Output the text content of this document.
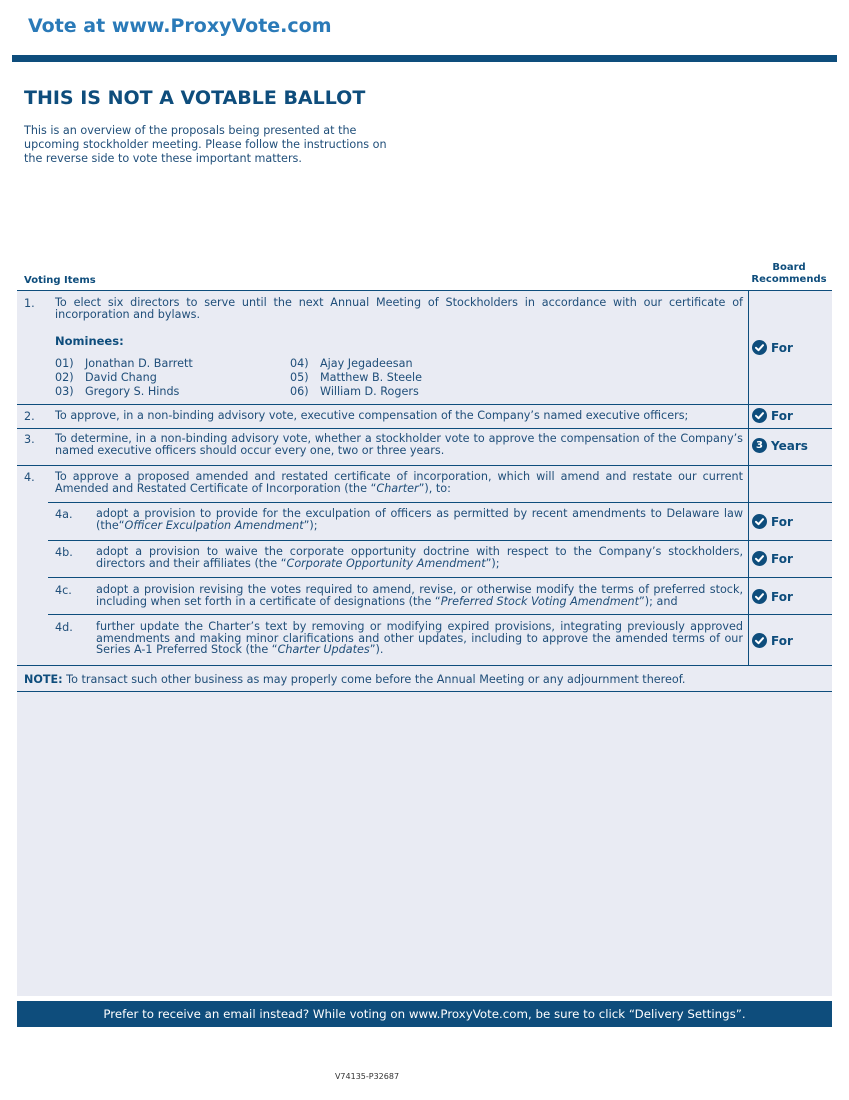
Vote at www.ProxyVote.com
THIS IS NOT A VOTABLE BALLOT
This is an overview of the proposals being presented at the
upcoming stockholder meeting. Please follow the instructions on
the reverse side to vote these important matters.
Voting Items
Board
Recommends
1. To elect six directors to serve until the next Annual Meeting of Stockholders in accordance with our certificate of incorporation and bylaws.
Nominees:
01) Jonathan D. Barrett
02) David Chang
03) Gregory S. Hinds
04) Ajay Jegadeesan
05) Matthew B. Steele
06) William D. Rogers
For
2. To approve, in a non-binding advisory vote, executive compensation of the Company’s named executive officers;	For
3. To determine, in a non-binding advisory vote, whether a stockholder vote to approve the compensation of the Company’s named executive officers should occur every one, two or three years.	3 Years
4. To approve a proposed amended and restated certificate of incorporation, which will amend and restate our current Amended and Restated Certificate of Incorporation (the “Charter”), to:
4a. adopt a provision to provide for the exculpation of officers as permitted by recent amendments to Delaware law (the“Officer Exculpation Amendment”);	For
4b. adopt a provision to waive the corporate opportunity doctrine with respect to the Company’s stockholders, directors and their affiliates (the “Corporate Opportunity Amendment”);	For
4c. adopt a provision revising the votes required to amend, revise, or otherwise modify the terms of preferred stock, including when set forth in a certificate of designations (the “Preferred Stock Voting Amendment”); and	For
4d. further update the Charter’s text by removing or modifying expired provisions, integrating previously approved amendments and making minor clarifications and other updates, including to approve the amended terms of our Series A-1 Preferred Stock (the “Charter Updates”).
For
NOTE: To transact such other business as may properly come before the Annual Meeting or any adjournment thereof.
Prefer to receive an email instead? While voting on www.ProxyVote.com, be sure to click “Delivery Settings”.
V74135-P32687
